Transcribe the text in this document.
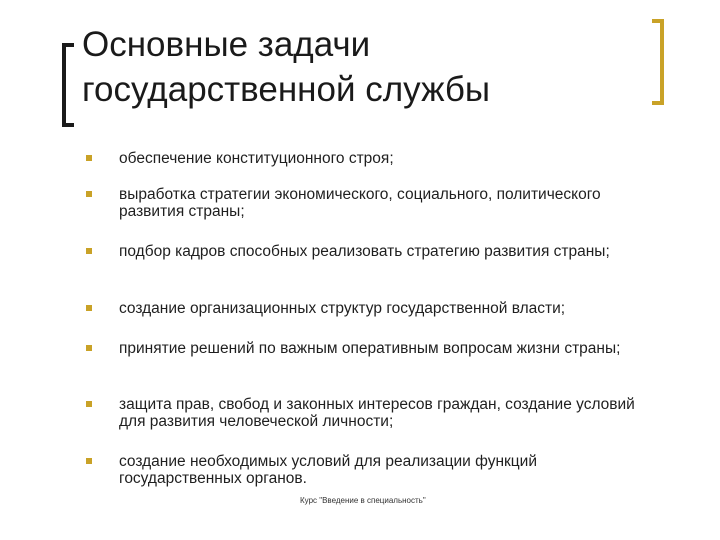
Основные задачи
государственной службы
обеспечение конституционного строя;
выработка стратегии экономического, социального, политического развития страны;
подбор кадров способных реализовать стратегию развития страны;
создание организационных структур государственной власти;
принятие решений по важным оперативным вопросам жизни страны;
защита прав, свобод и законных интересов граждан, создание условий для развития человеческой личности;
создание необходимых условий для реализации функций государственных органов.
Курс "Введение в специальность"
